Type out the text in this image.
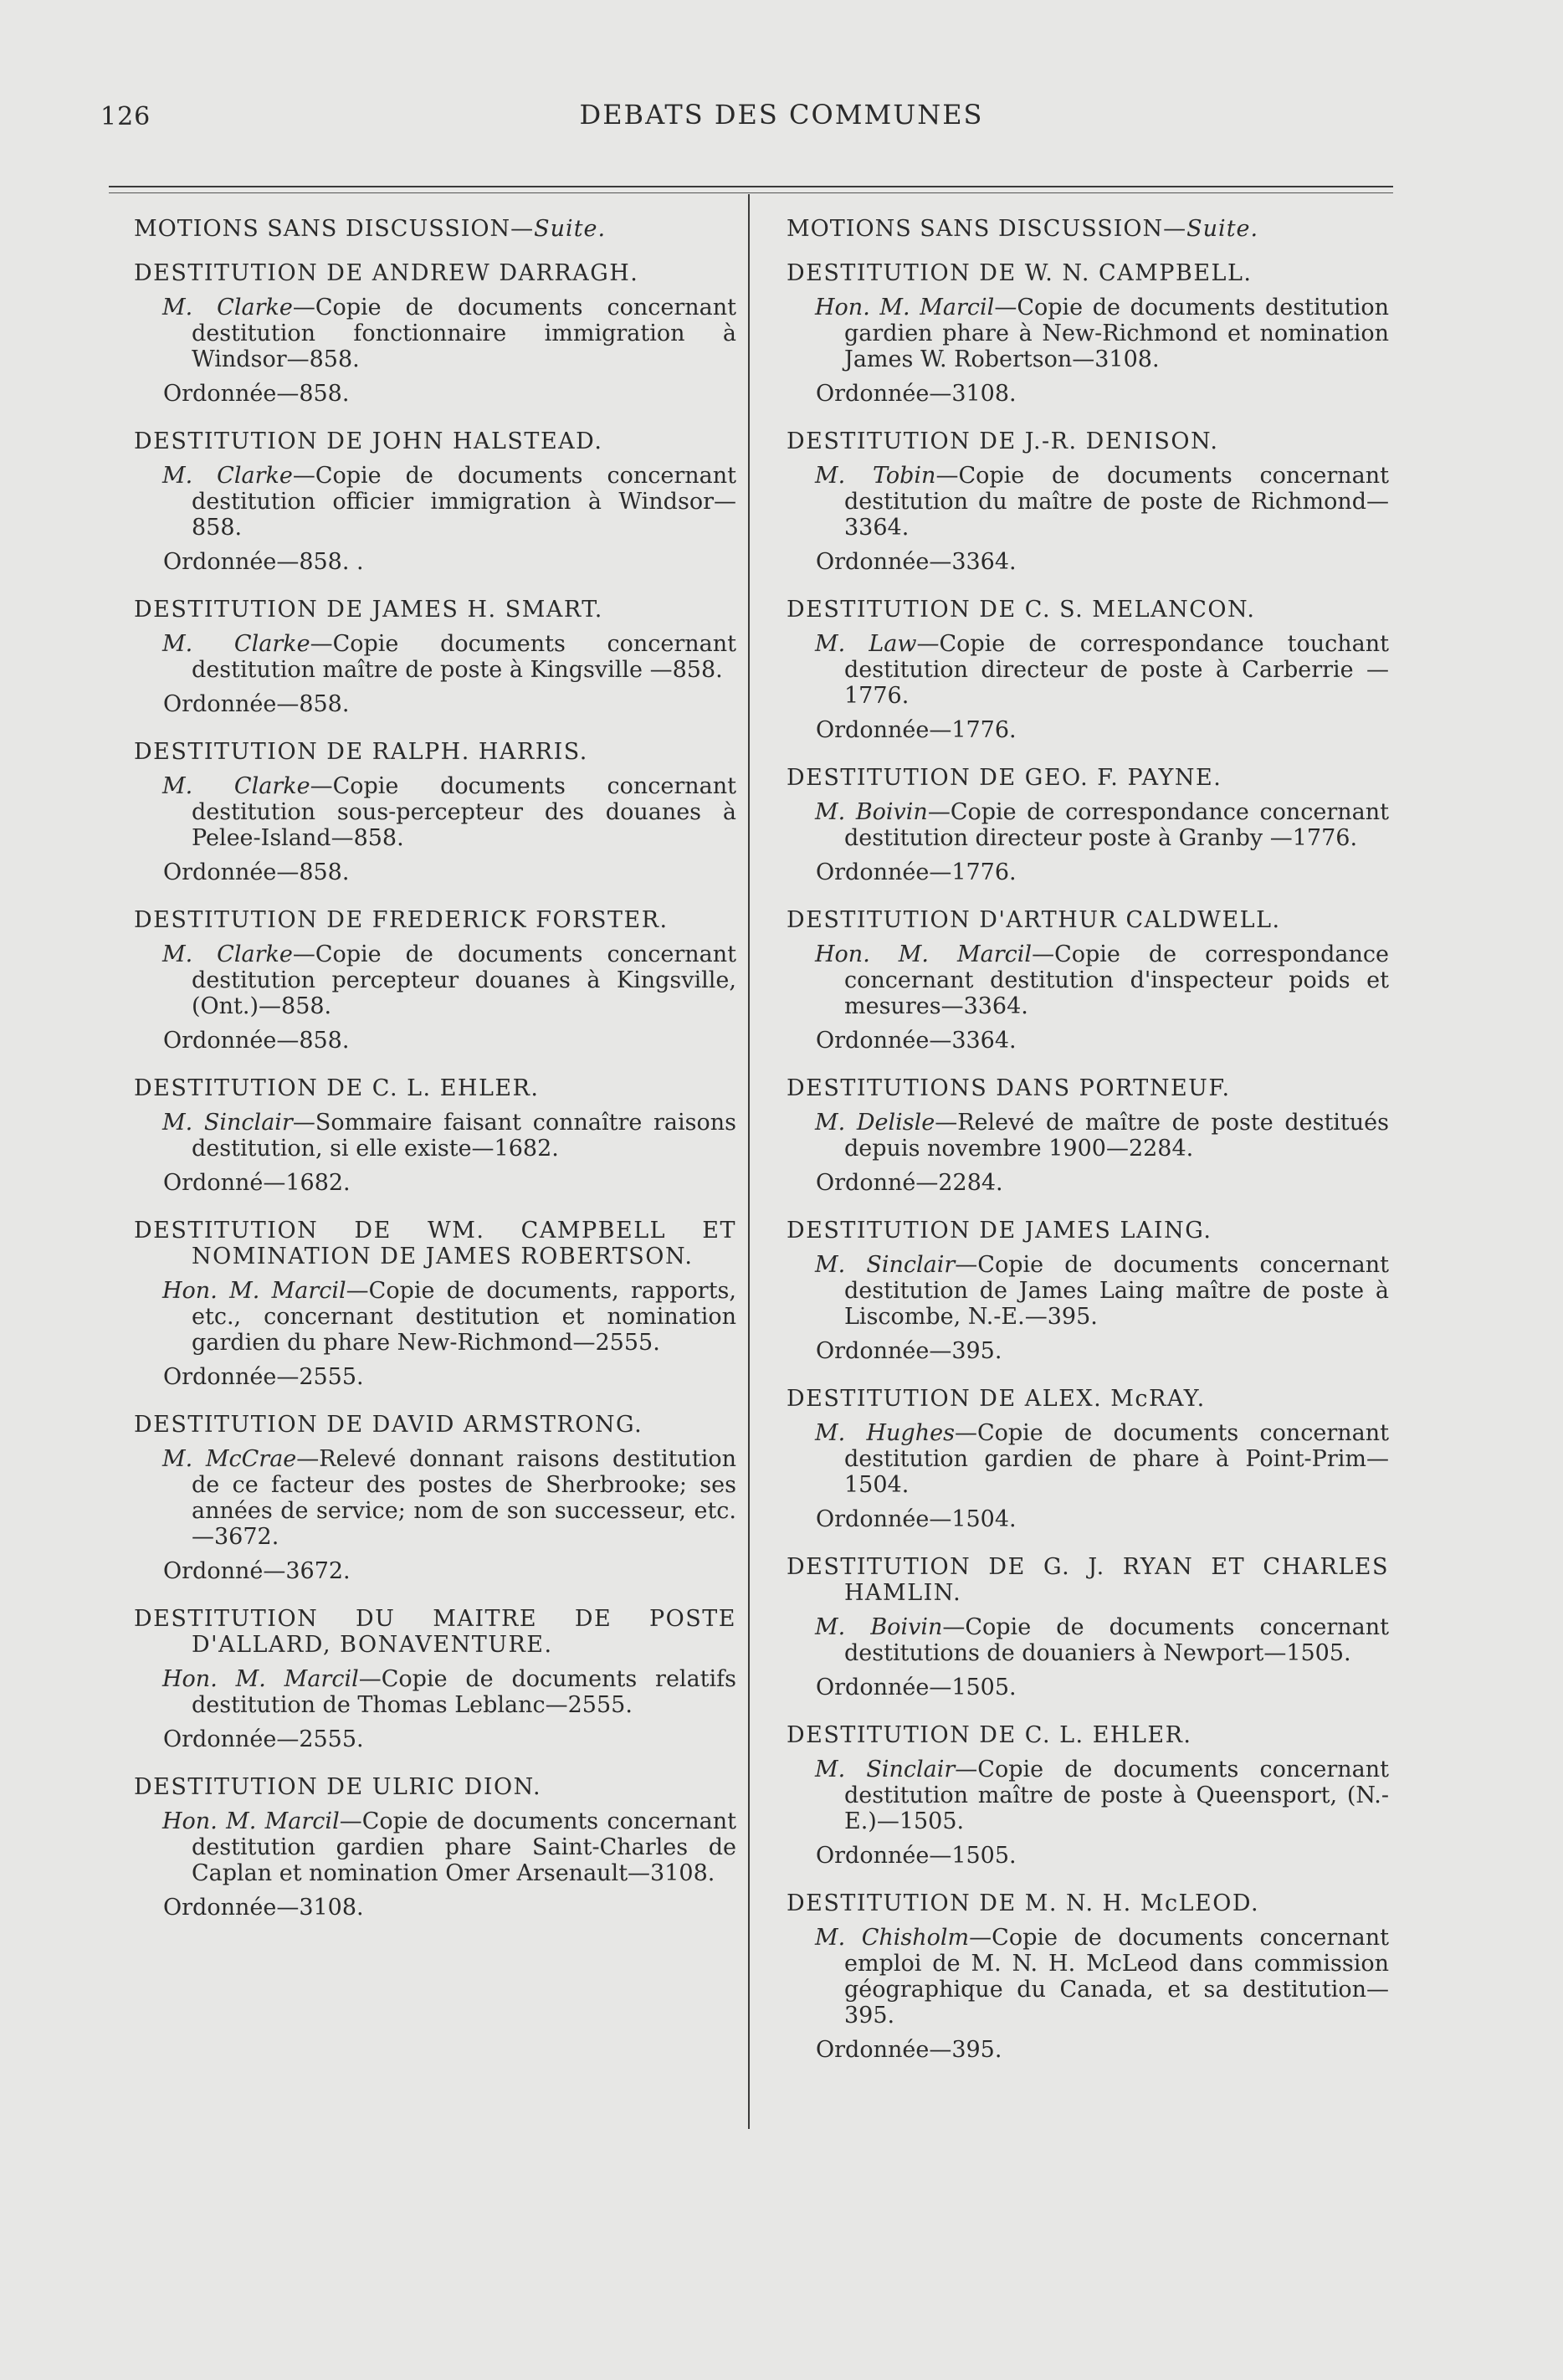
126	DEBATS DES COMMUNES
MOTIONS SANS DISCUSSION—Suite.
DESTITUTION DE ANDREW DARRAGH.
M. Clarke—Copie de documents concernant destitution fonctionnaire immigration à Windsor—858.
Ordonnée—858.
DESTITUTION DE JOHN HALSTEAD.
M. Clarke—Copie de documents concernant destitution officier immigration à Windsor—858.
Ordonnée—858. .
DESTITUTION DE JAMES H. SMART.
M. Clarke—Copie documents concernant destitution maître de poste à Kingsville —858.
Ordonnée—858.
DESTITUTION DE RALPH. HARRIS.
M. Clarke—Copie documents concernant destitution sous-percepteur des douanes à Pelee-Island—858.
Ordonnée—858.
DESTITUTION DE FREDERICK FORSTER.
M. Clarke—Copie de documents concernant destitution percepteur douanes à Kingsville, (Ont.)—858.
Ordonnée—858.
DESTITUTION DE C. L. EHLER.
M. Sinclair—Sommaire faisant connaître raisons destitution, si elle existe—1682.
Ordonné—1682.
DESTITUTION DE WM. CAMPBELL ET NOMINATION DE JAMES ROBERTSON.
Hon. M. Marcil—Copie de documents, rapports, etc., concernant destitution et nomination gardien du phare New-Richmond—2555.
Ordonnée—2555.
DESTITUTION DE DAVID ARMSTRONG.
M. McCrae—Relevé donnant raisons destitution de ce facteur des postes de Sherbrooke; ses années de service; nom de son successeur, etc.—3672.
Ordonné—3672.
DESTITUTION DU MAITRE DE POSTE D'ALLARD, BONAVENTURE.
Hon. M. Marcil—Copie de documents relatifs destitution de Thomas Leblanc—2555.
Ordonnée—2555.
DESTITUTION DE ULRIC DION.
Hon. M. Marcil—Copie de documents concernant destitution gardien phare Saint-Charles de Caplan et nomination Omer Arsenault—3108.
Ordonnée—3108.
MOTIONS SANS DISCUSSION—Suite.
DESTITUTION DE W. N. CAMPBELL.
Hon. M. Marcil—Copie de documents destitution gardien phare à New-Richmond et nomination James W. Robertson—3108.
Ordonnée—3108.
DESTITUTION DE J.-R. DENISON.
M. Tobin—Copie de documents concernant destitution du maître de poste de Richmond—3364.
Ordonnée—3364.
DESTITUTION DE C. S. MELANCON.
M. Law—Copie de correspondance touchant destitution directeur de poste à Carberrie —1776.
Ordonnée—1776.
DESTITUTION DE GEO. F. PAYNE.
M. Boivin—Copie de correspondance concernant destitution directeur poste à Granby —1776.
Ordonnée—1776.
DESTITUTION D'ARTHUR CALDWELL.
Hon. M. Marcil—Copie de correspondance concernant destitution d'inspecteur poids et mesures—3364.
Ordonnée—3364.
DESTITUTIONS DANS PORTNEUF.
M. Delisle—Relevé de maître de poste destitués depuis novembre 1900—2284.
Ordonné—2284.
DESTITUTION DE JAMES LAING.
M. Sinclair—Copie de documents concernant destitution de James Laing maître de poste à Liscombe, N.-E.—395.
Ordonnée—395.
DESTITUTION DE ALEX. McRAY.
M. Hughes—Copie de documents concernant destitution gardien de phare à Point-Prim—1504.
Ordonnée—1504.
DESTITUTION DE G. J. RYAN ET CHARLES HAMLIN.
M. Boivin—Copie de documents concernant destitutions de douaniers à Newport—1505.
Ordonnée—1505.
DESTITUTION DE C. L. EHLER.
M. Sinclair—Copie de documents concernant destitution maître de poste à Queensport, (N.-E.)—1505.
Ordonnée—1505.
DESTITUTION DE M. N. H. McLEOD.
M. Chisholm—Copie de documents concernant emploi de M. N. H. McLeod dans commission géographique du Canada, et sa destitution—395.
Ordonnée—395.
